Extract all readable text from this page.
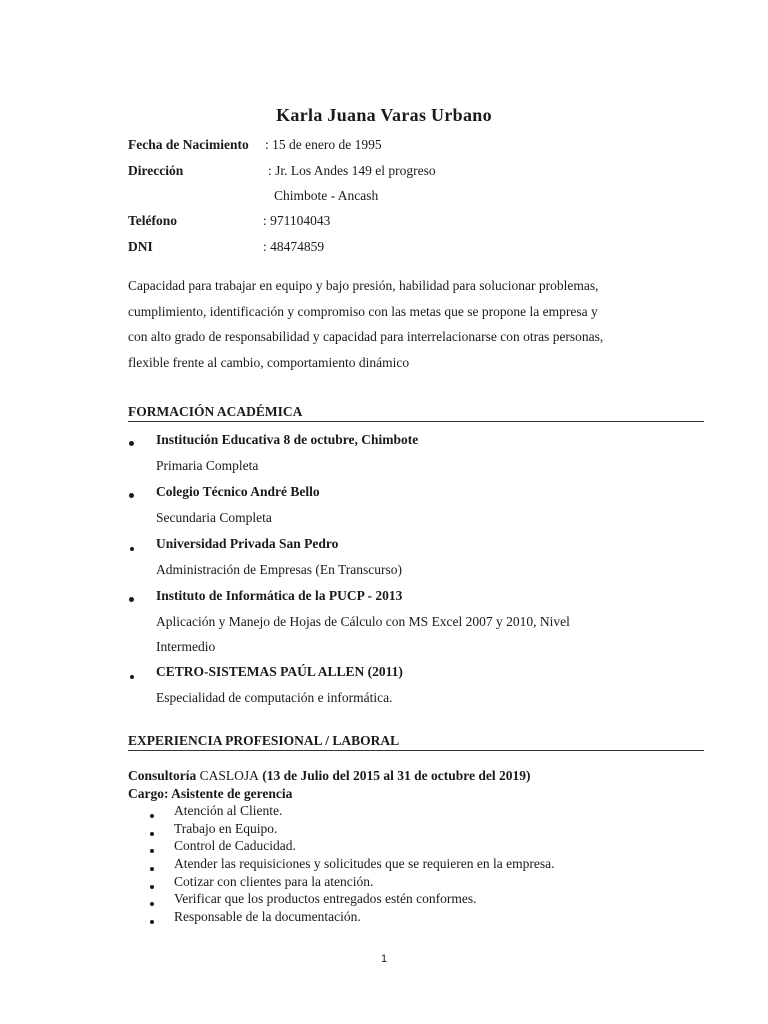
Karla Juana Varas Urbano
Fecha de Nacimiento : 15 de enero de 1995
Dirección	: Jr. Los Andes 149 el progreso
Chimbote - Ancash
Teléfono	: 971104043
DNI	: 48474859

Capacidad para trabajar en equipo y bajo presión, habilidad para solucionar problemas,

cumplimiento, identificación y compromiso con las metas que se propone la empresa y

con alto grado de responsabilidad y capacidad para interrelacionarse con otras personas,

flexible frente al cambio, comportamiento dinámico

FORMACIÓN ACADÉMICA
Institución Educativa 8 de octubre, Chimbote
Primaria Completa
Colegio Técnico André Bello
Secundaria Completa
Universidad Privada San Pedro
Administración de Empresas (En Transcurso)
Instituto de Informática de la PUCP - 2013
Aplicación y Manejo de Hojas de Cálculo con MS Excel 2007 y 2010, Nivel
Intermedio
CETRO-SISTEMAS PAÚL ALLEN (2011)
Especialidad de computación e informática.
EXPERIENCIA PROFESIONAL / LABORAL
Consultoría CASLOJA (13 de Julio del 2015 al 31 de octubre del 2019)
Cargo: Asistente de gerencia
Atención al Cliente.
Trabajo en Equipo.
Control de Caducidad.
Atender las requisiciones y solicitudes que se requieren en la empresa.
Cotizar con clientes para la atención.
Verificar que los productos entregados estén conformes.
Responsable de la documentación.
1
